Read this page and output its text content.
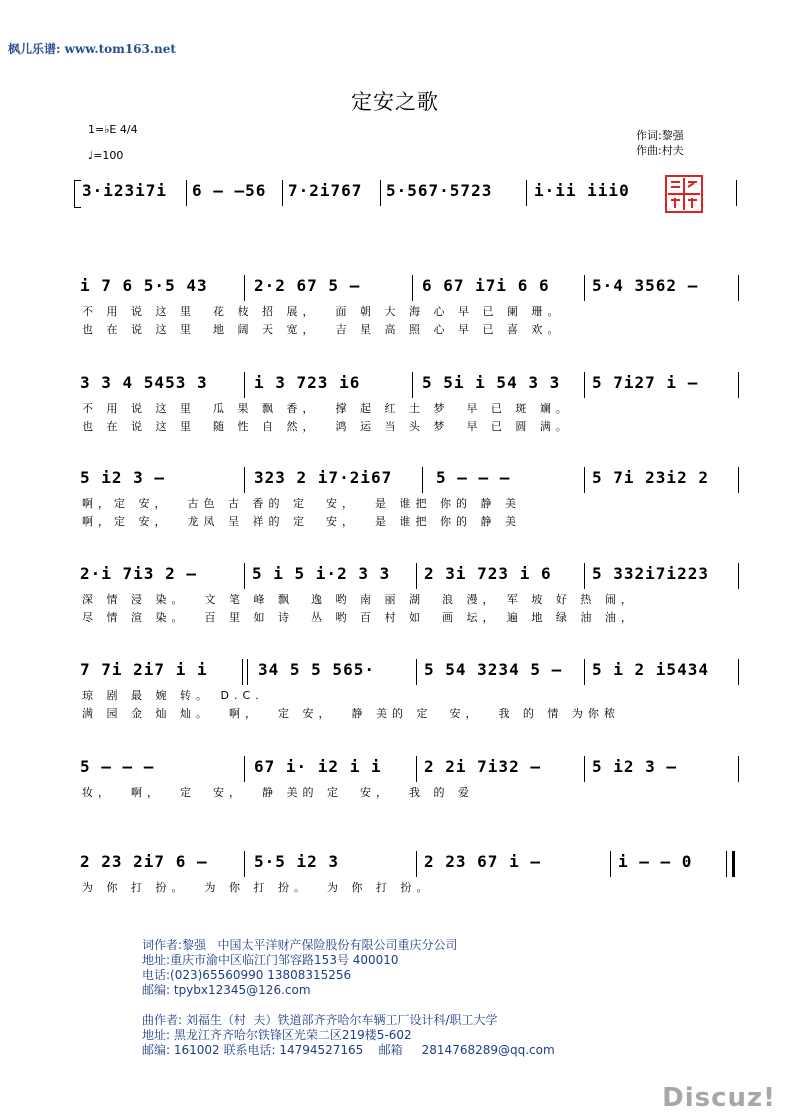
枫儿乐谱: www.tom163.net
定安之歌
1=♭E 4/4
♩=100
作词:黎强
作曲:村夫
3·i23i7i 6 – –56 7·2i767 5·567·5723	i·ii iii0
i 7 6 5·5 43	2·2 67 5 –	6 67 i7i 6 6	5·4 3562 –
不 用 说 这 里  花 枝 招 展，  面 朝 大 海 心 早 已 阑 珊。
也 在 说 这 里  地 阔 天 宽，  吉 星 高 照 心 早 已 喜 欢。
3 3 4 5453 3	i 3 723 i6	5 5i i 54 3 3 5 7i27 i –
不 用 说 这 里  瓜 果 飘 香，  撑 起 红 土 梦  早 已 斑 斓。
也 在 说 这 里  随 性 自 然，  鸿 运 当 头 梦  早 已 圆 满。
5 i2 3 –	323 2 i7·2i67	5 – – –	5 7i 23i2 2
啊，定 安，  古色 古 香的 定  安，  是 谁把 你的 静 美
啊，定 安，  龙凤 呈 祥的 定  安，  是 谁把 你的 静 美
2·i 7i3 2 –	5 i 5 i·2 3 3 2 3i 723 i 6	5 332i7i223
深 情 浸 染。  文 笔 峰 飘  逸 哟 南 丽 湖  浪 漫， 军 坡 好 热 闹，
尽 情 渲 染。  百 里 如 诗  丛 哟 百 村 如  画 坛， 遍 地 绿 油 油，
7 7i 2i7 i i	34 5 5 565·	5 54 3234 5 – 5 i 2 i5434
琼 剧 最 婉 转。 D.C.
满 园 金 灿 灿。  啊，  定 安，  静 美的 定  安，  我 的 情 为你秾
5 – – –	67 i· i2 i i	2 2i 7i32 –	5 i2 3 –
妆，  啊，  定  安，  静 美的 定  安，  我 的 爱
2 23 2i7 6 –	5·5 i2 3	2 23 67 i –	i – – 0
为 你 打 扮。  为 你 打 扮。  为 你 打 扮。
词作者:黎强   中国太平洋财产保险股份有限公司重庆分公司
地址:重庆市渝中区临江门邹容路153号 400010
电话:(023)65560990 13808315256
邮编: tpybx12345@126.com
曲作者: 刘福生（村  夫）铁道部齐齐哈尔车辆工厂设计科/职工大学
地址: 黑龙江齐齐哈尔铁锋区光荣二区219楼5-602
邮编: 161002 联系电话: 14794527165    邮箱     2814768289@qq.com
Discuz!
